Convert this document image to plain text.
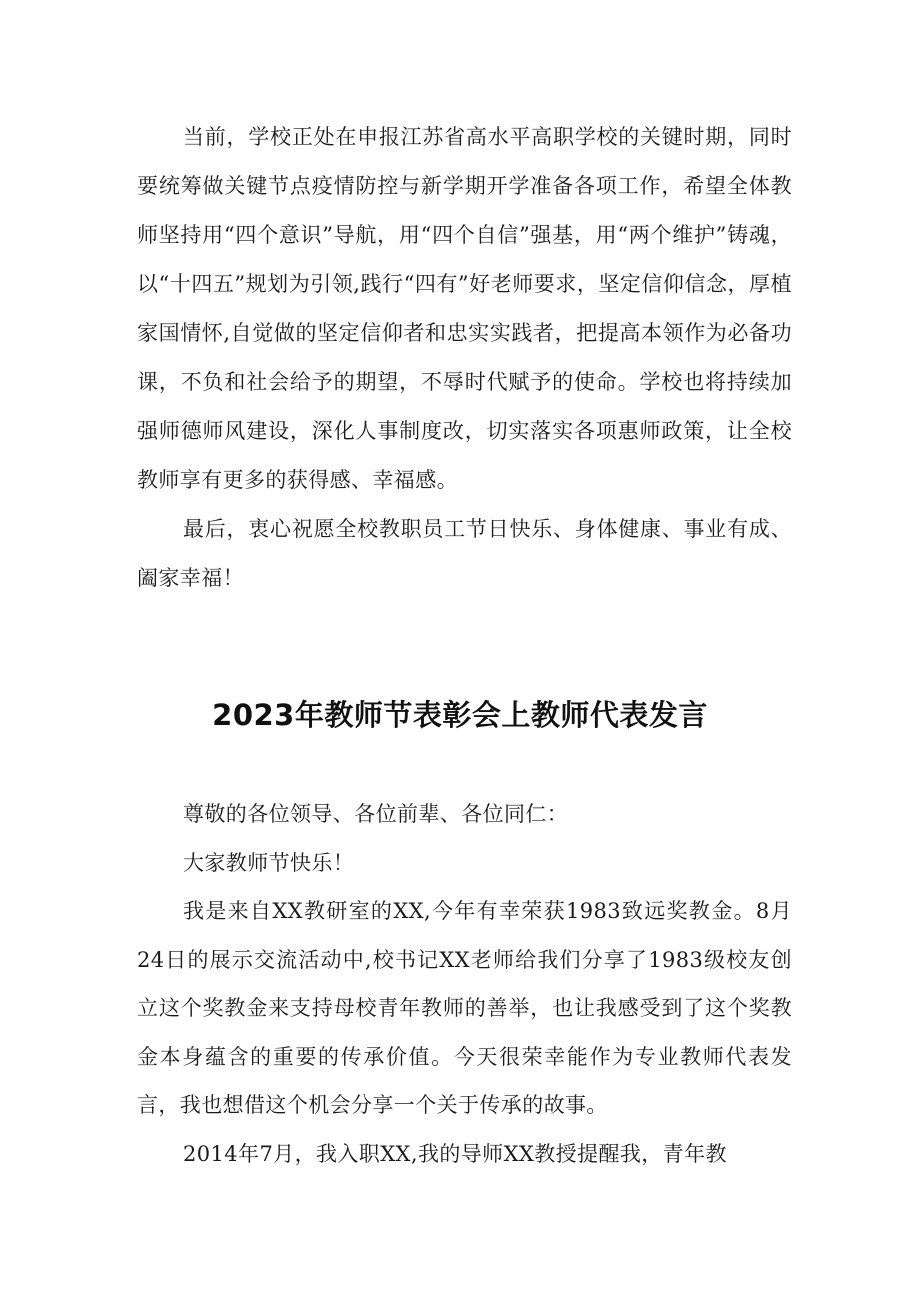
当前，学校正处在申报江苏省高水平高职学校的关键时期，同时要统筹做关键节点疫情防控与新学期开学准备各项工作，希望全体教师坚持用“四个意识”导航，用“四个自信”强基，用“两个维护”铸魂，以“十四五”规划为引领,践行“四有”好老师要求，坚定信仰信念，厚植家国情怀,自觉做的坚定信仰者和忠实实践者，把提高本领作为必备功课，不负和社会给予的期望，不辱时代赋予的使命。学校也将持续加强师德师风建设，深化人事制度改，切实落实各项惠师政策，让全校教师享有更多的获得感、幸福感。

最后，衷心祝愿全校教职员工节日快乐、身体健康、事业有成、阖家幸福！

2023年教师节表彰会上教师代表发言

尊敬的各位领导、各位前辈、各位同仁：

大家教师节快乐！

我是来自XX教研室的XX,今年有幸荣获1983致远奖教金。8月24日的展示交流活动中,校书记XX老师给我们分享了1983级校友创立这个奖教金来支持母校青年教师的善举，也让我感受到了这个奖教金本身蕴含的重要的传承价值。今天很荣幸能作为专业教师代表发言，我也想借这个机会分享一个关于传承的故事。

2014年7月，我入职XX,我的导师XX教授提醒我，青年教
